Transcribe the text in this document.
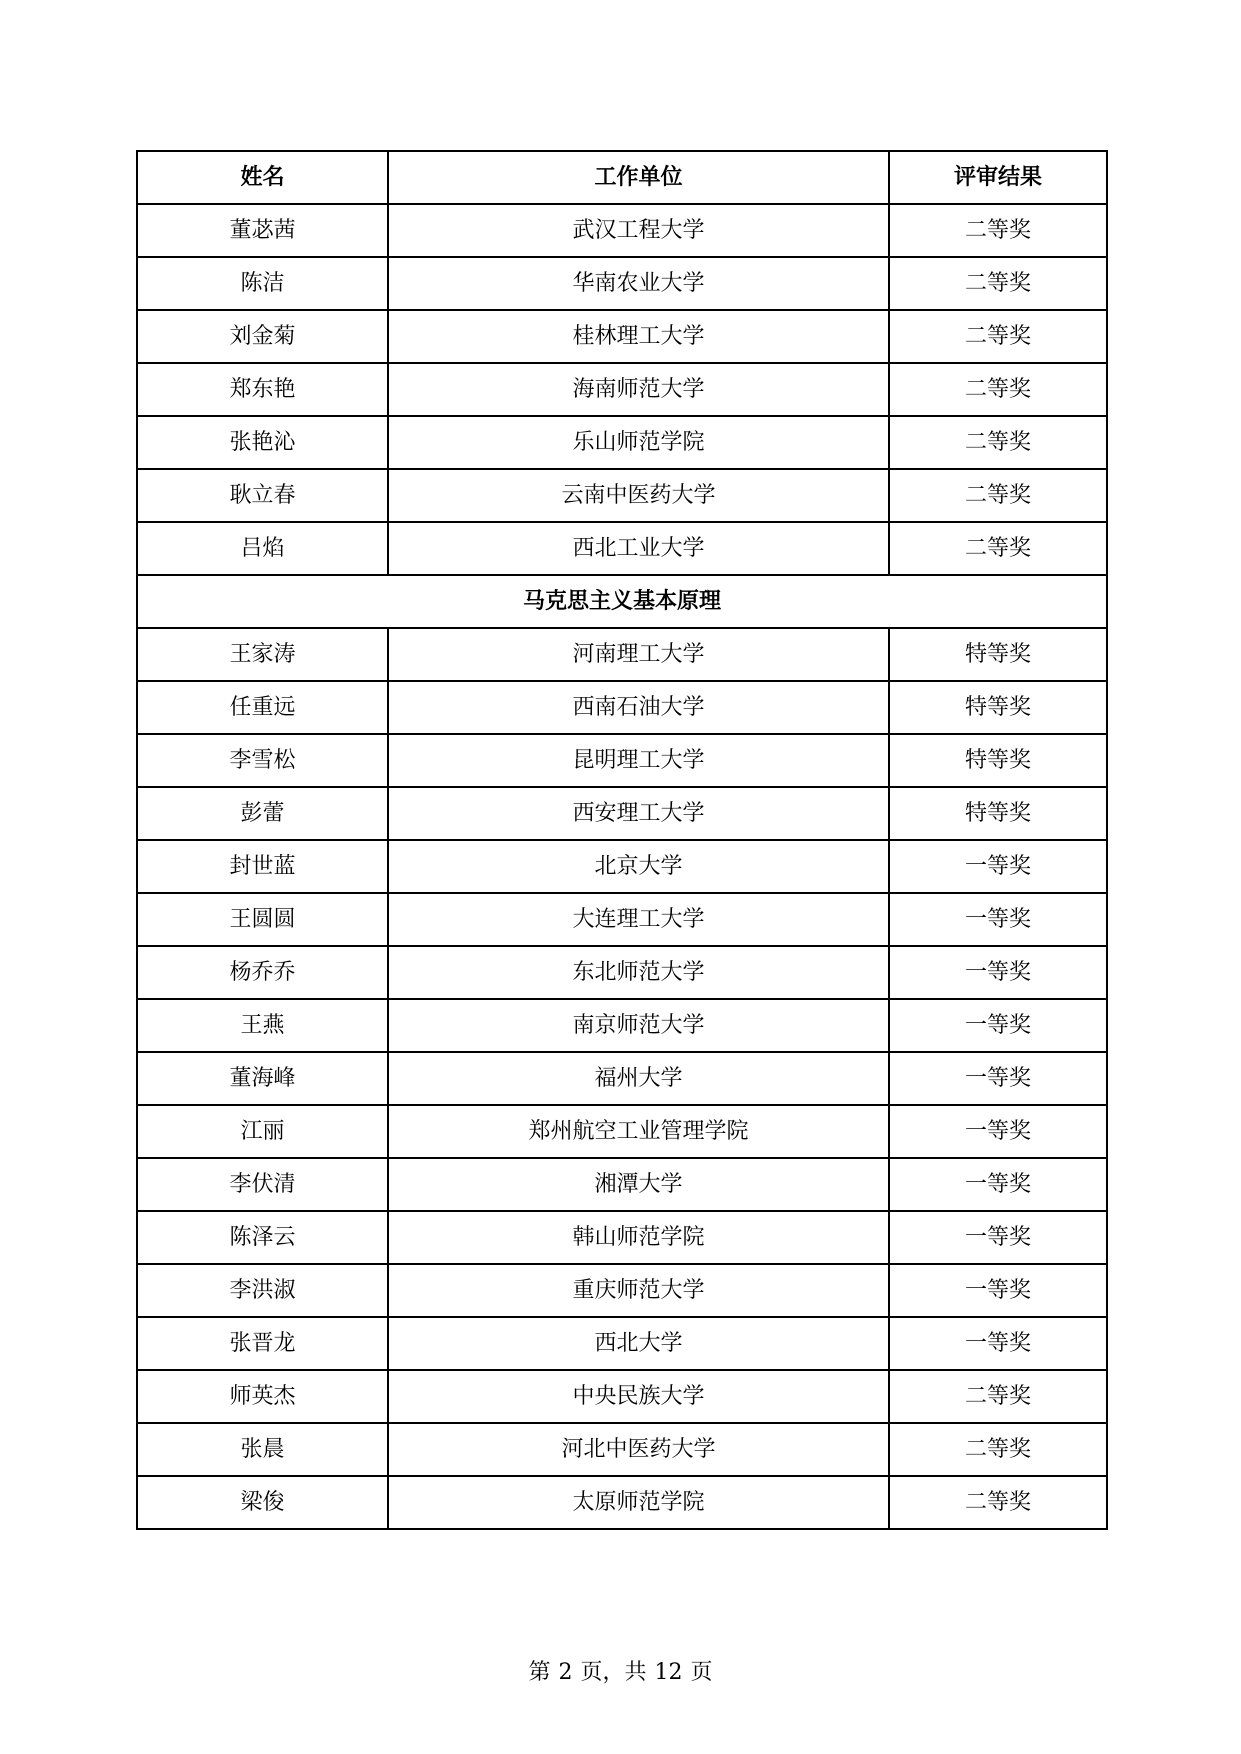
姓名	工作单位	评审结果
董苾茜	武汉工程大学	二等奖
陈洁	华南农业大学	二等奖
刘金菊	桂林理工大学	二等奖
郑东艳	海南师范大学	二等奖
张艳沁	乐山师范学院	二等奖
耿立春	云南中医药大学	二等奖
吕焰	西北工业大学	二等奖
马克思主义基本原理		
王家涛	河南理工大学	特等奖
任重远	西南石油大学	特等奖
李雪松	昆明理工大学	特等奖
彭蕾	西安理工大学	特等奖
封世蓝	北京大学	一等奖
王圆圆	大连理工大学	一等奖
杨乔乔	东北师范大学	一等奖
王燕	南京师范大学	一等奖
董海峰	福州大学	一等奖
江丽	郑州航空工业管理学院	一等奖
李伏清	湘潭大学	一等奖
陈泽云	韩山师范学院	一等奖
李洪淑	重庆师范大学	一等奖
张晋龙	西北大学	一等奖
师英杰	中央民族大学	二等奖
张晨	河北中医药大学	二等奖
梁俊	太原师范学院	二等奖
第 2 页，共 12 页
